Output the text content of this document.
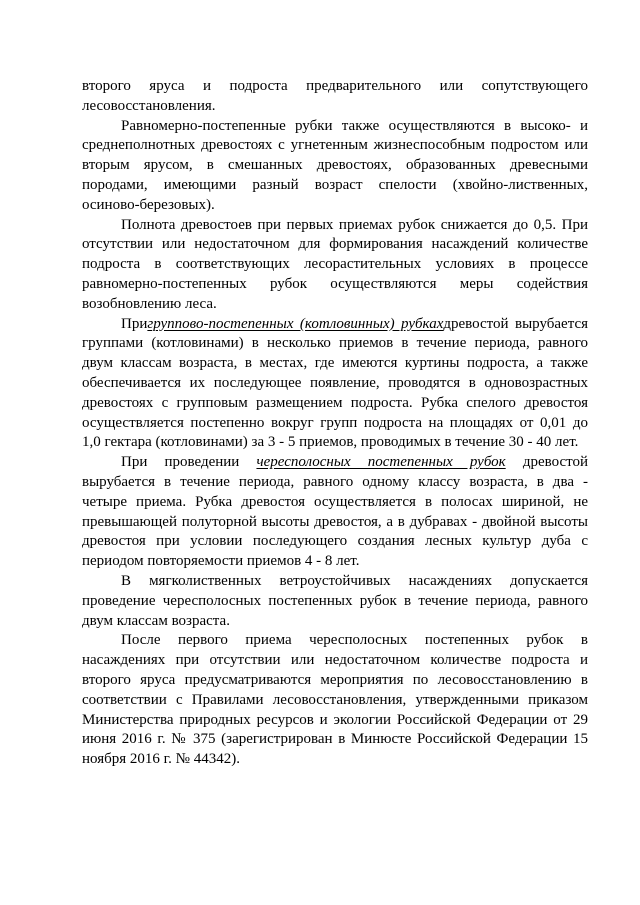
второго яруса и подроста предварительного или сопутствующего
лесовосстановления.
Равномерно-постепенные рубки также осуществляются в высоко- и
среднеполнотных древостоях с угнетенным жизнеспособным подростом или
вторым ярусом, в смешанных древостоях, образованных древесными
породами, имеющими разный возраст спелости (хвойно-лиственных,
осиново-березовых).
Полнота древостоев при первых приемах рубок снижается до 0,5. При
отсутствии или недостаточном для формирования насаждений количестве
подроста в соответствующих лесорастительных условиях в процессе
равномерно-постепенных рубок осуществляются меры содействия
возобновлению леса.
Пригруппово-постепенных (котловинных) рубкахдревостой вырубается
группами (котловинами) в несколько приемов в течение периода, равного
двум классам возраста, в местах, где имеются куртины подроста, а также
обеспечивается их последующее появление, проводятся в одновозрастных
древостоях с групповым размещением подроста. Рубка спелого древостоя
осуществляется постепенно вокруг групп подроста на площадях от 0,01 до
1,0 гектара (котловинами) за 3 - 5 приемов, проводимых в течение 30 - 40 лет.
При проведении чересполосных постепенных рубок древостой
вырубается в течение периода, равного одному классу возраста, в два -
четыре приема. Рубка древостоя осуществляется в полосах шириной, не
превышающей полуторной высоты древостоя, а в дубравах - двойной высоты
древостоя при условии последующего создания лесных культур дуба с
периодом повторяемости приемов 4 - 8 лет.
В мягколиственных ветроустойчивых насаждениях допускается
проведение чересполосных постепенных рубок в течение периода, равного
двум классам возраста.
После первого приема чересполосных постепенных рубок в
насаждениях при отсутствии или недостаточном количестве подроста и
второго яруса предусматриваются мероприятия по лесовосстановлению в
соответствии с Правилами лесовосстановления, утвержденными приказом
Министерства природных ресурсов и экологии Российской Федерации от 29
июня 2016 г. № 375 (зарегистрирован в Минюсте Российской Федерации 15
ноября 2016 г. № 44342).
